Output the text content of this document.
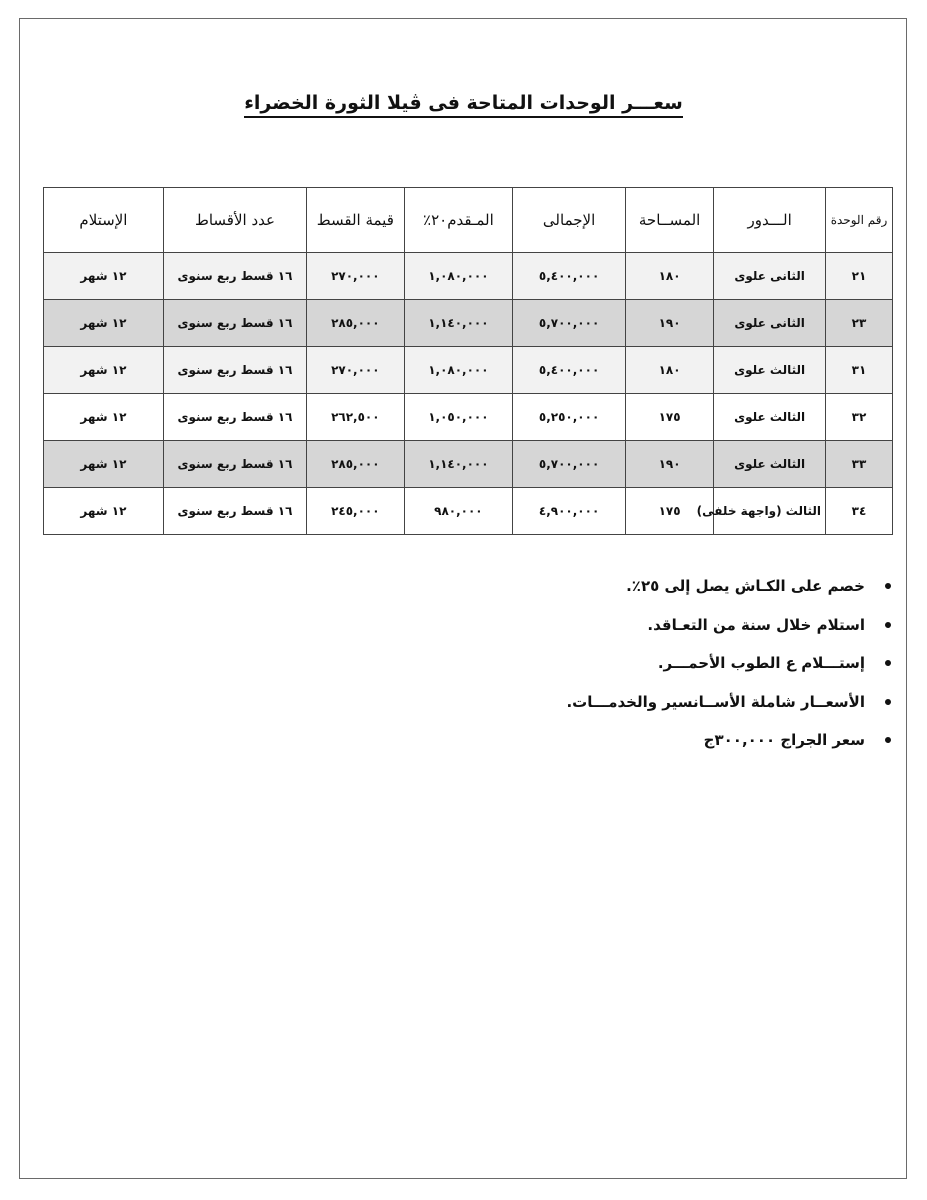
سعـــر الوحدات المتاحة فى ڤيلا الثورة الخضراء
رقم الوحدة	الـــدور	المســاحة	الإجمالى	المـقدم٢٠٪	قيمة القسط	عدد الأقساط	الإستلام
٢١	الثانى علوى	١٨٠	٥,٤٠٠,٠٠٠	١,٠٨٠,٠٠٠	٢٧٠,٠٠٠	١٦ قسط ربع سنوى	١٢ شهر
٢٣	الثانى علوى	١٩٠	٥,٧٠٠,٠٠٠	١,١٤٠,٠٠٠	٢٨٥,٠٠٠	١٦ قسط ربع سنوى	١٢ شهر
٣١	الثالث علوى	١٨٠	٥,٤٠٠,٠٠٠	١,٠٨٠,٠٠٠	٢٧٠,٠٠٠	١٦ قسط ربع سنوى	١٢ شهر
٣٢	الثالث علوى	١٧٥	٥,٢٥٠,٠٠٠	١,٠٥٠,٠٠٠	٢٦٢,٥٠٠	١٦ قسط ربع سنوى	١٢ شهر
٣٣	الثالث علوى	١٩٠	٥,٧٠٠,٠٠٠	١,١٤٠,٠٠٠	٢٨٥,٠٠٠	١٦ قسط ربع سنوى	١٢ شهر
٣٤	الثالث (واجهة خلفى)	١٧٥	٤,٩٠٠,٠٠٠	٩٨٠,٠٠٠	٢٤٥,٠٠٠	١٦ قسط ربع سنوى	١٢ شهر
خصم على الكـاش يصل إلى ٢٥٪.
استلام خلال سنة من التعـاقد.
إستـــلام ع الطوب الأحمـــر.
الأسعــار شاملة الأســانسير والخدمـــات.
سعر الجراج ٣٠٠,٠٠٠ج
